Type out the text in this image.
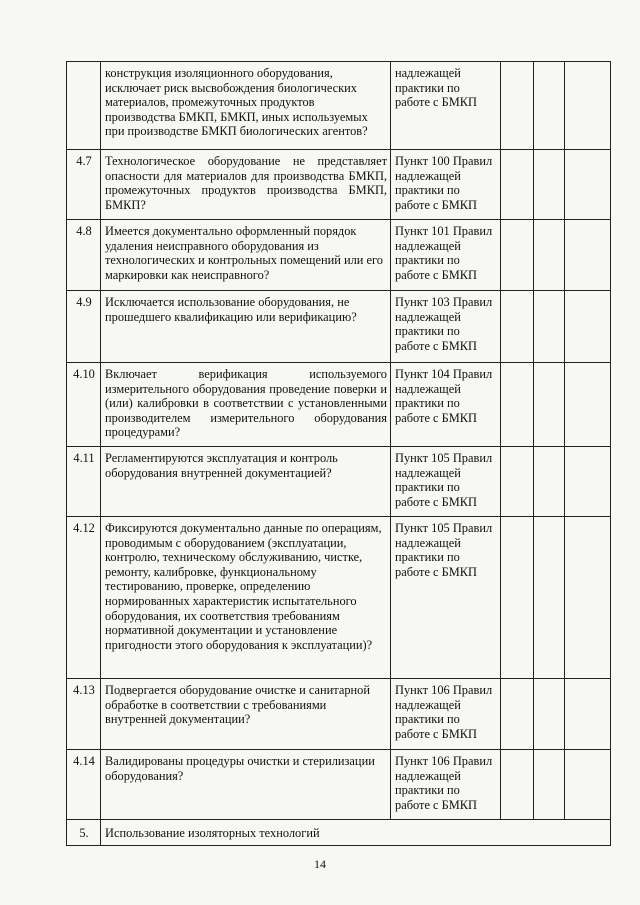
	конструкция изоляционного оборудования, исключает риск высвобождения биологических материалов, промежуточных продуктов производства БМКП, БМКП, иных используемых при производстве БМКП биологических агентов?	надлежащей практики по работе с БМКП			
4.7	Технологическое оборудование не представляет опасности для материалов для производства БМКП, промежуточных продуктов производства БМКП, БМКП?	Пункт 100 Правил надлежащей практики по работе с БМКП			
4.8	Имеется документально оформленный порядок удаления неисправного оборудования из технологических и контрольных помещений или его маркировки как неисправного?	Пункт 101 Правил надлежащей практики по работе с БМКП			
4.9	Исключается использование оборудования, не прошедшего квалификацию или верификацию?	Пункт 103 Правил надлежащей практики по работе с БМКП			
4.10	Включает верификация используемого измерительного оборудования проведение поверки и (или) калибровки в соответствии с установленными производителем измерительного оборудования процедурами?	Пункт 104 Правил надлежащей практики по работе с БМКП			
4.11	Регламентируются эксплуатация и контроль оборудования внутренней документацией?	Пункт 105 Правил надлежащей практики по работе с БМКП			
4.12	Фиксируются документально данные по операциям, проводимым с оборудованием (эксплуатации, контролю, техническому обслуживанию, чистке, ремонту, калибровке, функциональному тестированию, проверке, определению нормированных характеристик испытательного оборудования, их соответствия требованиям нормативной документации и установление пригодности этого оборудования к эксплуатации)?	Пункт 105 Правил надлежащей практики по работе с БМКП			
4.13	Подвергается оборудование очистке и санитарной обработке в соответствии с требованиями внутренней документации?	Пункт 106 Правил надлежащей практики по работе с БМКП			
4.14	Валидированы процедуры очистки и стерилизации оборудования?	Пункт 106 Правил надлежащей практики по работе с БМКП			
5.	Использование изоляторных технологий				
14
